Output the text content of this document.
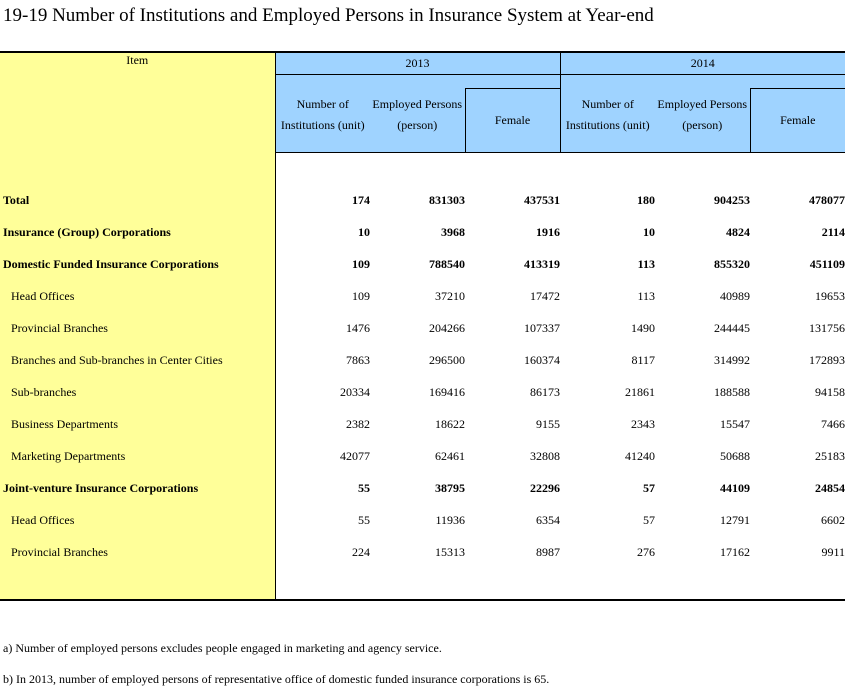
19-19 Number of Institutions and Employed Persons in Insurance System at Year-end
Item	2013			2014		

	Number of Institutions (unit)	Employed Persons (person)		Number of Institutions (unit)	Employed Persons (person)	

			Female			Female

Total	174	831303	437531	180	904253	478077
Insurance (Group) Corporations	10	3968	1916	10	4824	2114
Domestic Funded Insurance Corporations	109	788540	413319	113	855320	451109
Head Offices	109	37210	17472	113	40989	19653
Provincial Branches	1476	204266	107337	1490	244445	131756
Branches and Sub-branches in Center Cities	7863	296500	160374	8117	314992	172893
Sub-branches	20334	169416	86173	21861	188588	94158
Business Departments	2382	18622	9155	2343	15547	7466
Marketing Departments	42077	62461	32808	41240	50688	25183
Joint-venture Insurance Corporations	55	38795	22296	57	44109	24854
Head Offices	55	11936	6354	57	12791	6602
Provincial Branches	224	15313	8987	276	17162	9911

a) Number of employed persons excludes people engaged in marketing and agency service.
b) In 2013, number of employed persons of representative office of domestic funded insurance corporations is 65.
